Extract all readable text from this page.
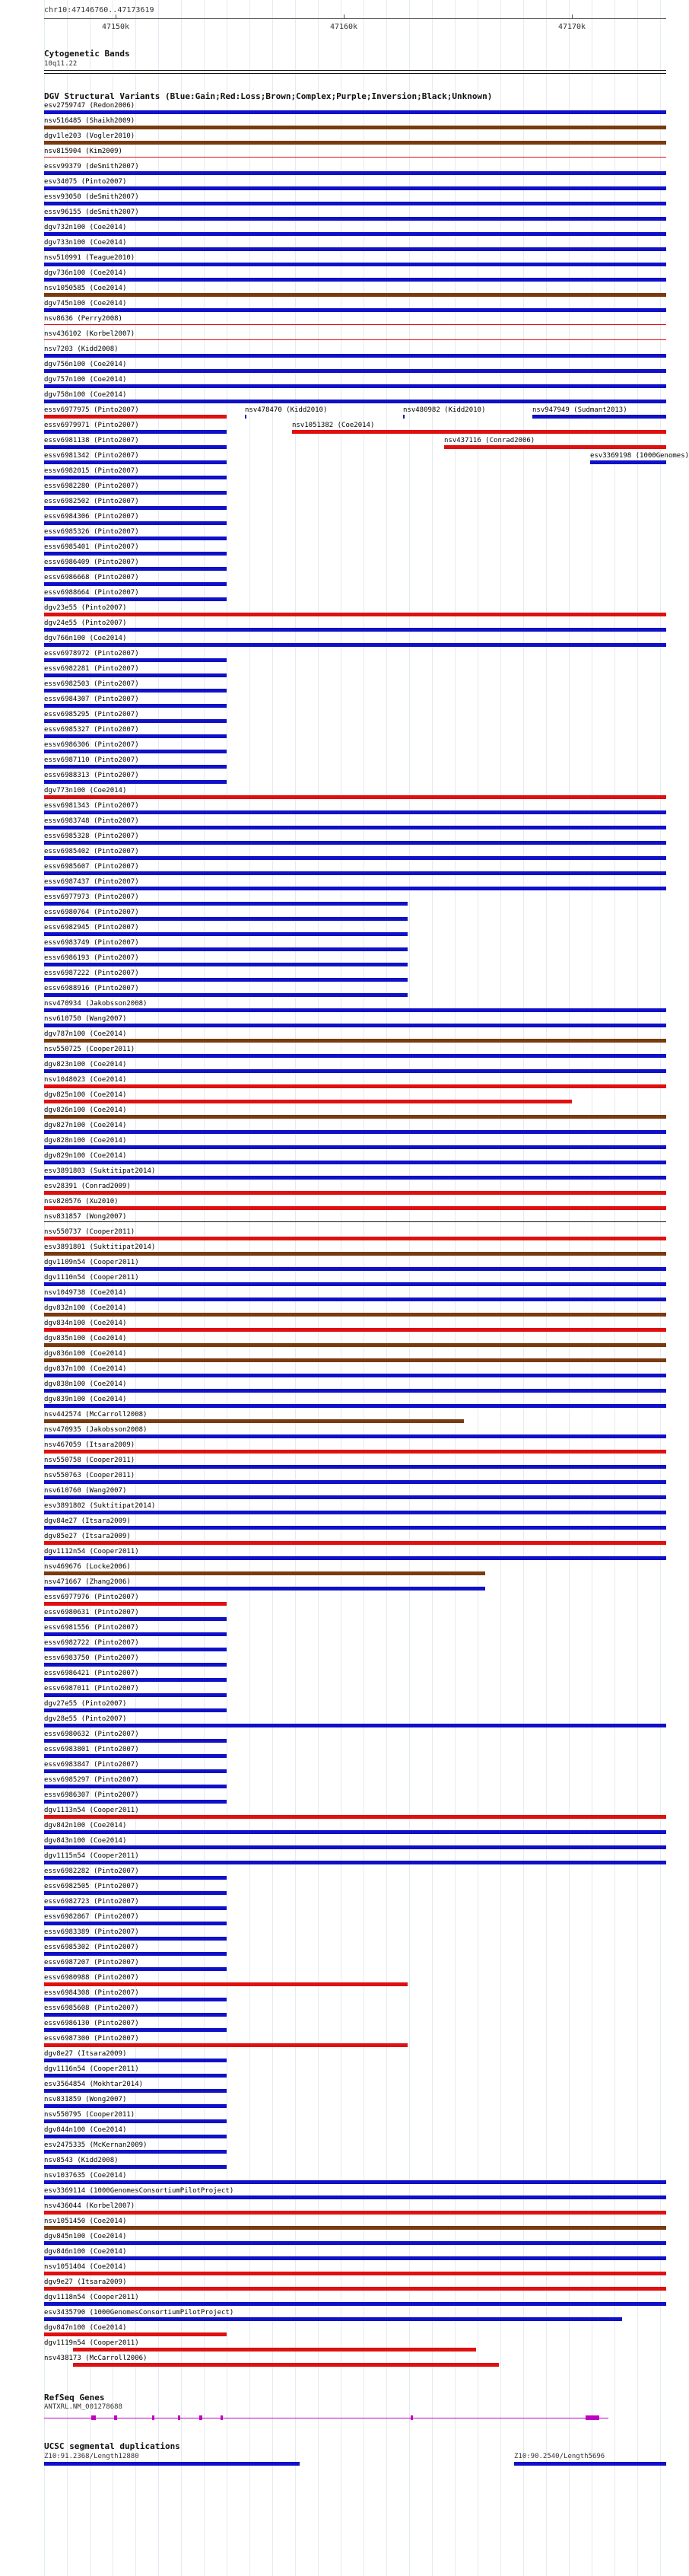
chr10:47146760..47173619
47150k	47160k	47170k
Cytogenetic Bands
10q11.22
DGV Structural Variants (Blue:Gain;Red:Loss;Brown;Complex;Purple;Inversion;Black;Unknown)
esv2759747 (Redon2006)
nsv516485 (Shaikh2009)
dgv1le203 (Vogler2010)
nsv815904 (Kim2009)
essv99379 (deSmith2007)
esv34075 (Pinto2007)
essv93050 (deSmith2007)
essv96155 (deSmith2007)
dgv732n100 (Coe2014)
dgv733n100 (Coe2014)
nsv510991 (Teague2010)
dgv736n100 (Coe2014)
nsv1050585 (Coe2014)
dgv745n100 (Coe2014)
nsv8636 (Perry2008)
nsv436102 (Korbel2007)
nsv7203 (Kidd2008)
dgv756n100 (Coe2014)
dgv757n100 (Coe2014)
dgv758n100 (Coe2014)
essv6977975 (Pinto2007)
essv6979971 (Pinto2007)
essv6981138 (Pinto2007)
essv6981342 (Pinto2007)
essv6982015 (Pinto2007)
essv6982280 (Pinto2007)
essv6982502 (Pinto2007)
essv6984306 (Pinto2007)
essv6985326 (Pinto2007)
essv6985401 (Pinto2007)
essv6986409 (Pinto2007)
essv6986668 (Pinto2007)
essv6988664 (Pinto2007)
nsv478470 (Kidd2010)	nsv480982 (Kidd2010)	nsv947949 (Sudmant2013)
nsv1051382 (Coe2014)
nsv437116 (Conrad2006)
esv3369198 (1000Genomes)
dgv23e55 (Pinto2007)
dgv24e55 (Pinto2007)
dgv766n100 (Coe2014)
essv6978972 (Pinto2007)
essv6982281 (Pinto2007)
essv6982503 (Pinto2007)
essv6984307 (Pinto2007)
essv6985295 (Pinto2007)
essv6985327 (Pinto2007)
essv6986306 (Pinto2007)
essv6987110 (Pinto2007)
essv6988313 (Pinto2007)
dgv773n100 (Coe2014)
essv6981343 (Pinto2007)
essv6983748 (Pinto2007)
essv6985328 (Pinto2007)
essv6985402 (Pinto2007)
essv6985607 (Pinto2007)
essv6987437 (Pinto2007)
essv6977973 (Pinto2007)
essv6980764 (Pinto2007)
essv6982945 (Pinto2007)
essv6983749 (Pinto2007)
essv6986193 (Pinto2007)
essv6987222 (Pinto2007)
essv6988916 (Pinto2007)
nsv470934 (Jakobsson2008)
nsv610750 (Wang2007)
dgv787n100 (Coe2014)
nsv550725 (Cooper2011)
dgv823n100 (Coe2014)
nsv1048023 (Coe2014)
dgv825n100 (Coe2014)
dgv826n100 (Coe2014)
dgv827n100 (Coe2014)
dgv828n100 (Coe2014)
dgv829n100 (Coe2014)
esv3891803 (Suktitipat2014)
esv28391 (Conrad2009)
nsv820576 (Xu2010)
nsv831857 (Wong2007)
nsv550737 (Cooper2011)
esv3891801 (Suktitipat2014)
dgv1109n54 (Cooper2011)
dgv1110n54 (Cooper2011)
nsv1049738 (Coe2014)
dgv832n100 (Coe2014)
dgv834n100 (Coe2014)
dgv835n100 (Coe2014)
dgv836n100 (Coe2014)
dgv837n100 (Coe2014)
dgv838n100 (Coe2014)
dgv839n100 (Coe2014)
nsv442574 (McCarroll2008)
nsv470935 (Jakobsson2008)
nsv467059 (Itsara2009)
nsv550758 (Cooper2011)
nsv550763 (Cooper2011)
nsv610760 (Wang2007)
esv3891802 (Suktitipat2014)
dgv84e27 (Itsara2009)
dgv85e27 (Itsara2009)
dgv1112n54 (Cooper2011)
nsv469676 (Locke2006)
nsv471667 (Zhang2006)
essv6977976 (Pinto2007)
essv6980631 (Pinto2007)
essv6981556 (Pinto2007)
essv6982722 (Pinto2007)
essv6983750 (Pinto2007)
essv6986421 (Pinto2007)
essv6987011 (Pinto2007)
dgv27e55 (Pinto2007)
dgv28e55 (Pinto2007)
essv6980632 (Pinto2007)
essv6983801 (Pinto2007)
essv6983847 (Pinto2007)
essv6985297 (Pinto2007)
essv6986307 (Pinto2007)
dgv1113n54 (Cooper2011)
dgv842n100 (Coe2014)
dgv843n100 (Coe2014)
dgv1115n54 (Cooper2011)
essv6982282 (Pinto2007)
essv6982505 (Pinto2007)
essv6982723 (Pinto2007)
essv6982867 (Pinto2007)
essv6983389 (Pinto2007)
essv6985302 (Pinto2007)
essv6987207 (Pinto2007)
essv6980988 (Pinto2007)
essv6984308 (Pinto2007)
essv6985608 (Pinto2007)
essv6986130 (Pinto2007)
essv6987300 (Pinto2007)
dgv8e27 (Itsara2009)
dgv1116n54 (Cooper2011)
esv3564854 (Mokhtar2014)
nsv831859 (Wong2007)
nsv550795 (Cooper2011)
dgv844n100 (Coe2014)
esv2475335 (McKernan2009)
nsv8543 (Kidd2008)
nsv1037635 (Coe2014)
esv3369114 (1000GenomesConsortiumPilotProject)
nsv436044 (Korbel2007)
nsv1051450 (Coe2014)
dgv845n100 (Coe2014)
dgv846n100 (Coe2014)
nsv1051404 (Coe2014)
dgv9e27 (Itsara2009)
dgv1118n54 (Cooper2011)
esv3435790 (1000GenomesConsortiumPilotProject)
dgv847n100 (Coe2014)
dgv1119n54 (Cooper2011)
nsv438173 (McCarroll2006)
RefSeq Genes
ANTXRL.NM_001278688
UCSC segmental duplications
Z10:91.2368/Length12880	Z10:90.2540/Length5696
